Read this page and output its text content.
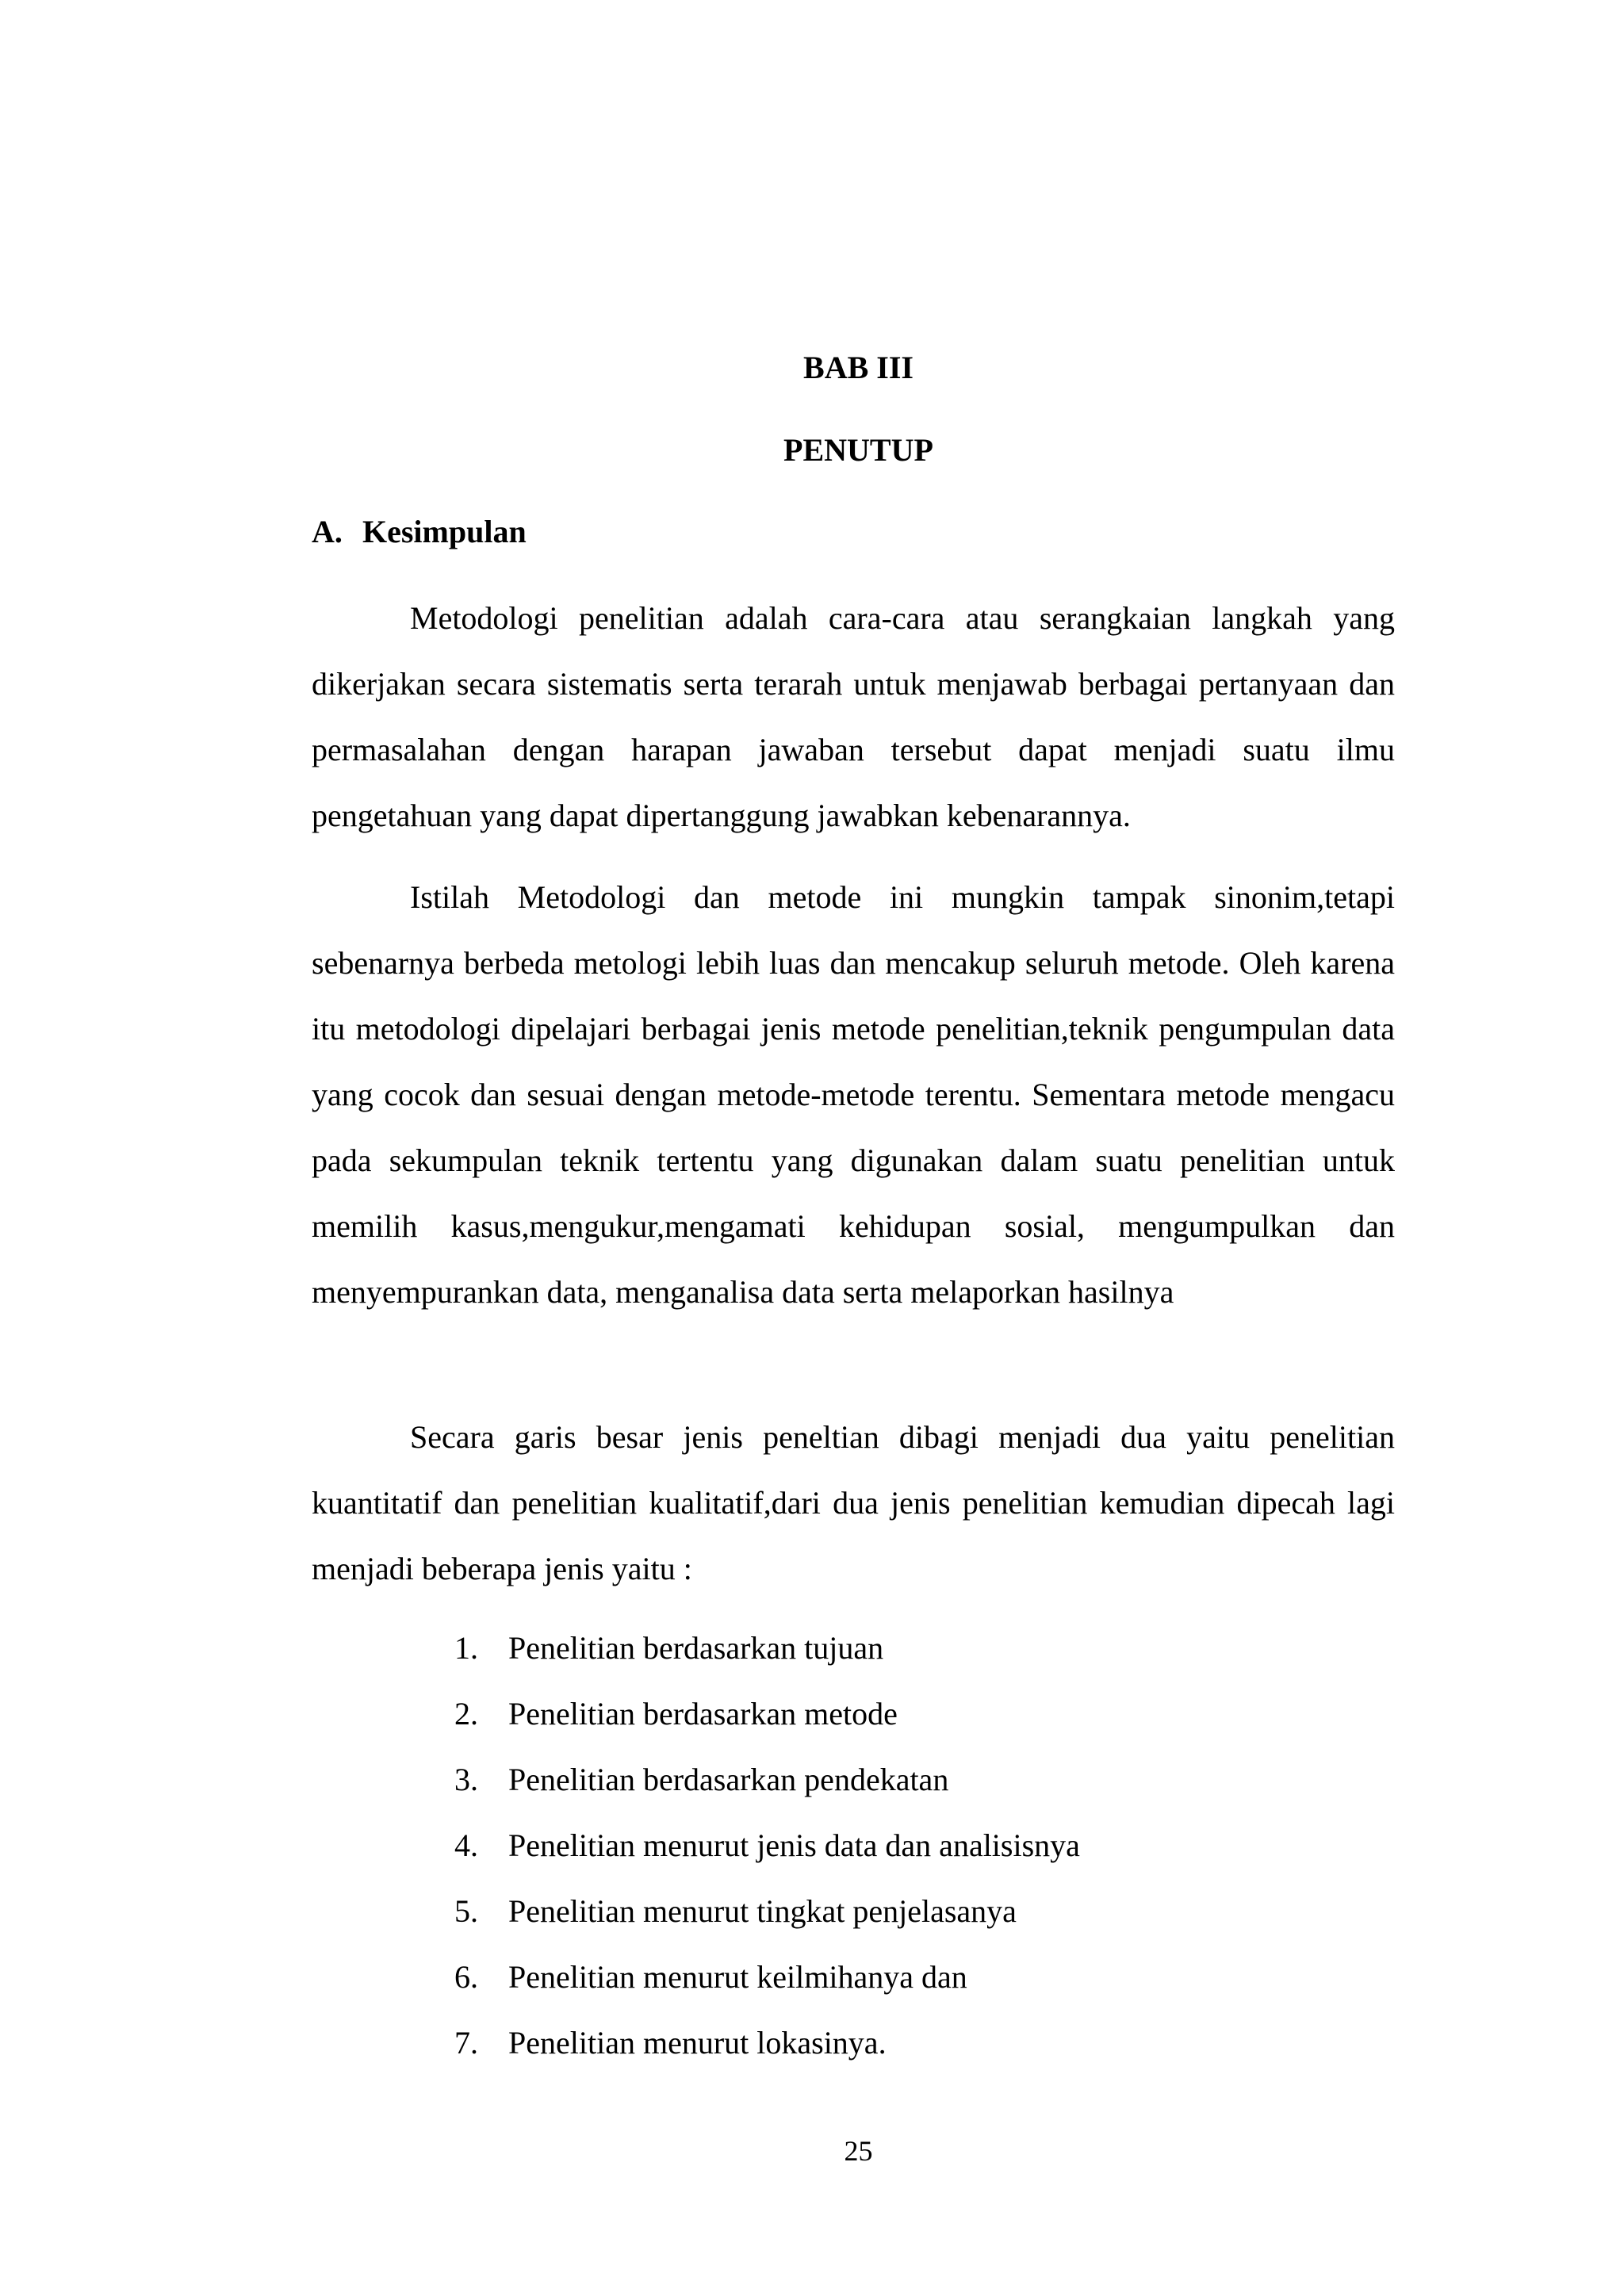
BAB III
PENUTUP
A. Kesimpulan

Metodologi penelitian adalah cara-cara atau serangkaian langkah yang dikerjakan secara sistematis serta terarah untuk menjawab berbagai pertanyaan dan permasalahan dengan harapan jawaban tersebut dapat menjadi suatu ilmu pengetahuan yang dapat dipertanggung jawabkan kebenarannya.

Istilah Metodologi dan metode ini mungkin tampak sinonim,tetapi sebenarnya berbeda metologi lebih luas dan mencakup seluruh metode. Oleh karena itu metodologi dipelajari berbagai jenis metode penelitian,teknik pengumpulan data yang cocok dan sesuai dengan metode-metode terentu. Sementara metode mengacu pada sekumpulan teknik tertentu yang digunakan dalam suatu penelitian untuk memilih kasus,mengukur,mengamati kehidupan sosial, mengumpulkan dan menyempurankan data, menganalisa data serta melaporkan hasilnya

Secara garis besar jenis peneltian dibagi menjadi dua yaitu penelitian kuantitatif dan penelitian kualitatif,dari dua jenis penelitian kemudian dipecah lagi menjadi beberapa jenis yaitu :

1. Penelitian berdasarkan tujuan
2. Penelitian berdasarkan metode
3. Penelitian berdasarkan pendekatan
4. Penelitian menurut jenis data dan analisisnya
5. Penelitian menurut tingkat penjelasanya
6. Penelitian menurut keilmihanya dan
7. Penelitian menurut lokasinya.

25
